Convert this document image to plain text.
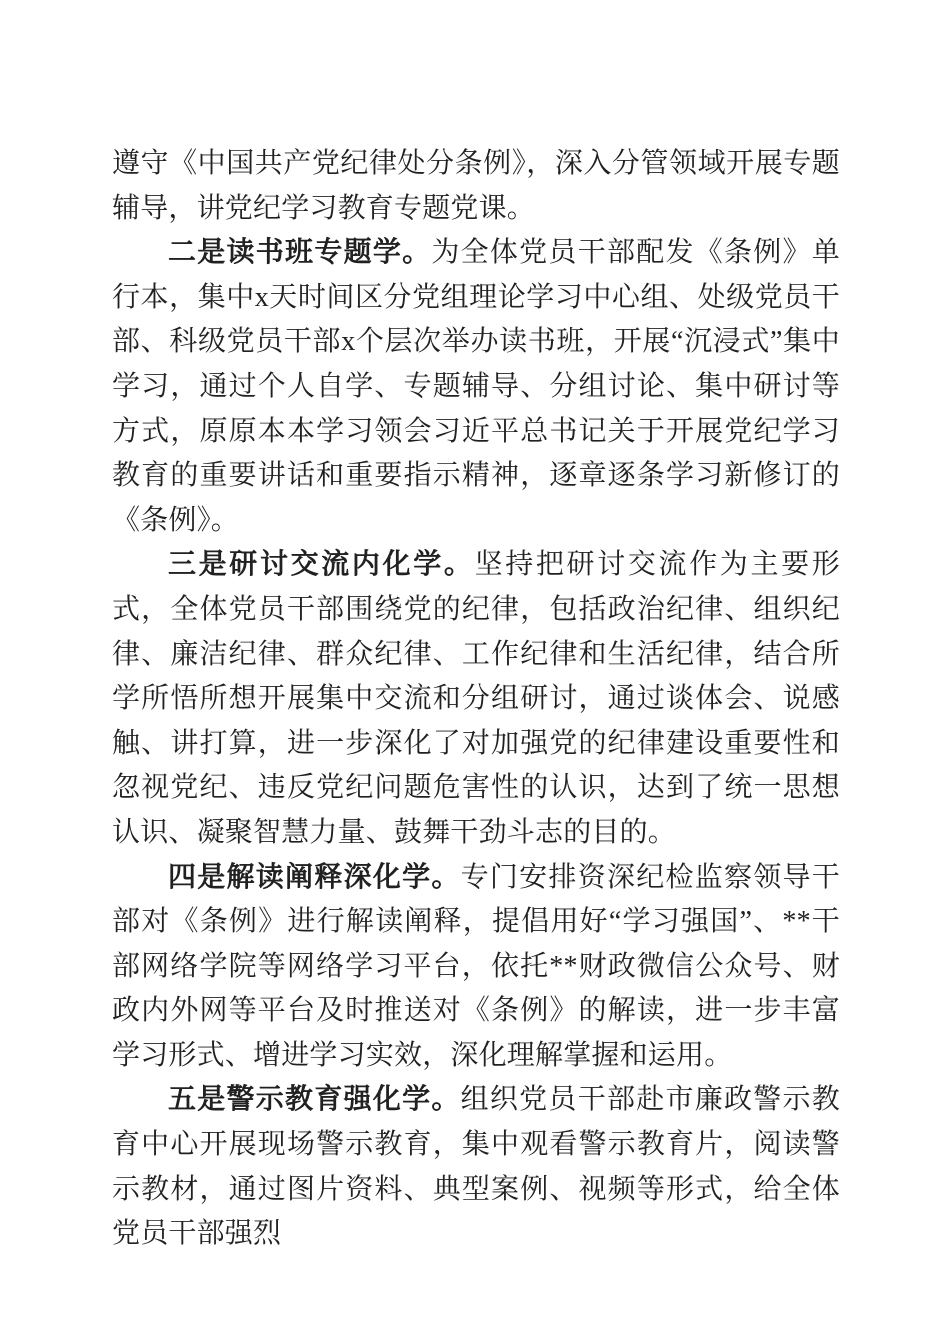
遵守《中国共产党纪律处分条例》，深入分管领域开展专题辅导，讲党纪学习教育专题党课。

二是读书班专题学。为全体党员干部配发《条例》单行本，集中x天时间区分党组理论学习中心组、处级党员干部、科级党员干部x个层次举办读书班，开展“沉浸式”集中学习，通过个人自学、专题辅导、分组讨论、集中研讨等方式，原原本本学习领会习近平总书记关于开展党纪学习教育的重要讲话和重要指示精神，逐章逐条学习新修订的《条例》。

三是研讨交流内化学。坚持把研讨交流作为主要形式，全体党员干部围绕党的纪律，包括政治纪律、组织纪律、廉洁纪律、群众纪律、工作纪律和生活纪律，结合所学所悟所想开展集中交流和分组研讨，通过谈体会、说感触、讲打算，进一步深化了对加强党的纪律建设重要性和忽视党纪、违反党纪问题危害性的认识，达到了统一思想认识、凝聚智慧力量、鼓舞干劲斗志的目的。

四是解读阐释深化学。专门安排资深纪检监察领导干部对《条例》进行解读阐释，提倡用好“学习强国”、**干部网络学院等网络学习平台，依托**财政微信公众号、财政内外网等平台及时推送对《条例》的解读，进一步丰富学习形式、增进学习实效，深化理解掌握和运用。

五是警示教育强化学。组织党员干部赴市廉政警示教育中心开展现场警示教育，集中观看警示教育片，阅读警示教材，通过图片资料、典型案例、视频等形式，给全体党员干部强烈
